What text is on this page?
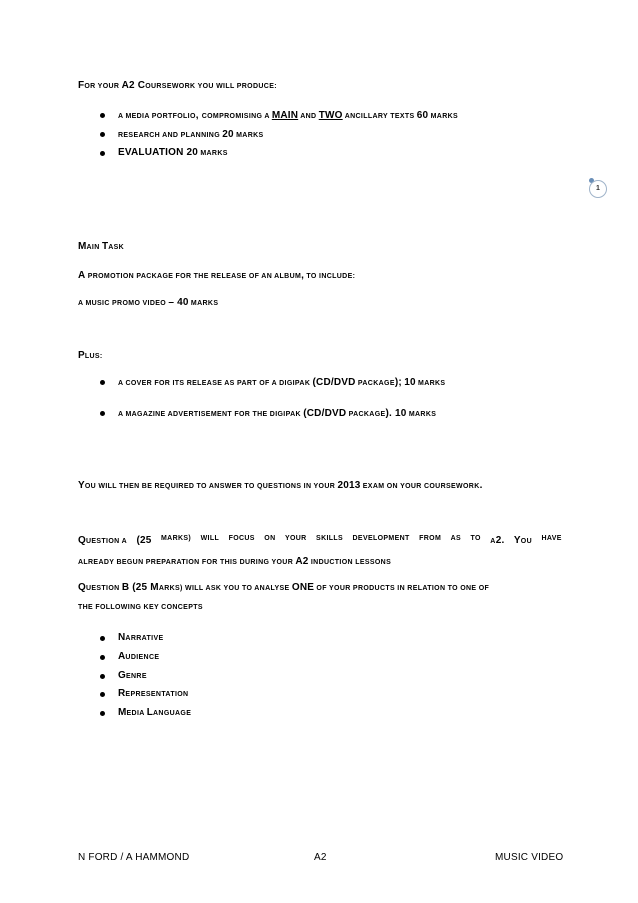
FOR YOUR A2 COURSEWORK YOU WILL PRODUCE:
A MEDIA PORTFOLIO, COMPROMISING A MAIN AND TWO ANCILLARY TEXTS 60 MARKS
RESEARCH AND PLANNING 20 MARKS
EVALUATION 20 MARKS
1
MAIN TASK
A PROMOTION PACKAGE FOR THE RELEASE OF AN ALBUM, TO INCLUDE:
A MUSIC PROMO VIDEO – 40 MARKS
PLUS:
A COVER FOR ITS RELEASE AS PART OF A DIGIPAK (CD/DVD PACKAGE); 10 MARKS
A MAGAZINE ADVERTISEMENT FOR THE DIGIPAK (CD/DVD PACKAGE). 10 MARKS
YOU WILL THEN BE REQUIRED TO ANSWER TO QUESTIONS IN YOUR 2013 EXAM ON YOUR COURSEWORK.
QUESTION A (25 MARKS) WILL FOCUS ON YOUR SKILLS DEVELOPMENT FROM AS TO A2. YOU HAVE
ALREADY BEGUN PREPARATION FOR THIS DURING YOUR A2 INDUCTION LESSONS
QUESTION B (25 MARKS) WILL ASK YOU TO ANALYSE ONE OF YOUR PRODUCTS IN RELATION TO ONE OF
THE FOLLOWING KEY CONCEPTS
NARRATIVE
AUDIENCE
GENRE
REPRESENTATION
MEDIA LANGUAGE
N FORD / A HAMMOND	A2	MUSIC VIDEO
